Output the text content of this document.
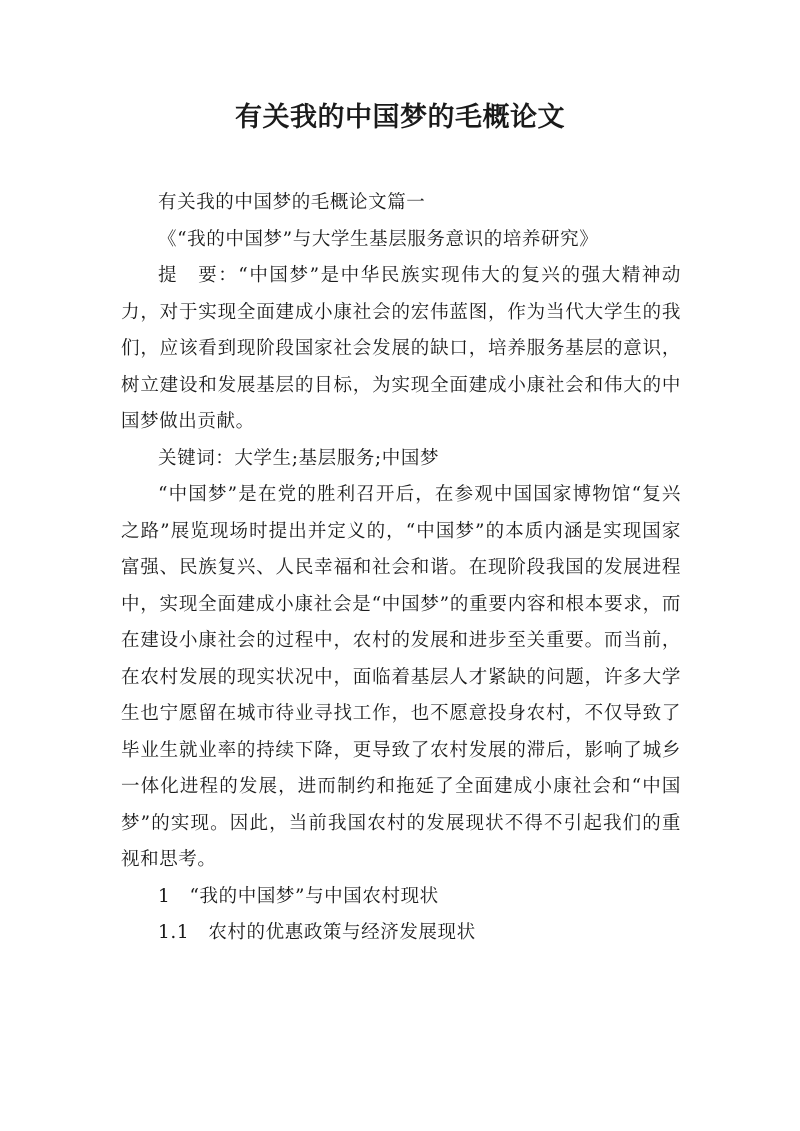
有关我的中国梦的毛概论文

有关我的中国梦的毛概论文篇一

《“我的中国梦”与大学生基层服务意识的培养研究》

提　要：“中国梦”是中华民族实现伟大的复兴的强大精神动力，对于实现全面建成小康社会的宏伟蓝图，作为当代大学生的我们，应该看到现阶段国家社会发展的缺口，培养服务基层的意识，树立建设和发展基层的目标，为实现全面建成小康社会和伟大的中国梦做出贡献。

关键词：大学生;基层服务;中国梦

“中国梦”是在党的胜利召开后，在参观中国国家博物馆“复兴之路”展览现场时提出并定义的，“中国梦”的本质内涵是实现国家富强、民族复兴、人民幸福和社会和谐。在现阶段我国的发展进程中，实现全面建成小康社会是“中国梦”的重要内容和根本要求，而在建设小康社会的过程中，农村的发展和进步至关重要。而当前，在农村发展的现实状况中，面临着基层人才紧缺的问题，许多大学生也宁愿留在城市待业寻找工作，也不愿意投身农村，不仅导致了毕业生就业率的持续下降，更导致了农村发展的滞后，影响了城乡一体化进程的发展，进而制约和拖延了全面建成小康社会和“中国梦”的实现。因此，当前我国农村的发展现状不得不引起我们的重视和思考。

1　“我的中国梦”与中国农村现状

1.1　农村的优惠政策与经济发展现状
